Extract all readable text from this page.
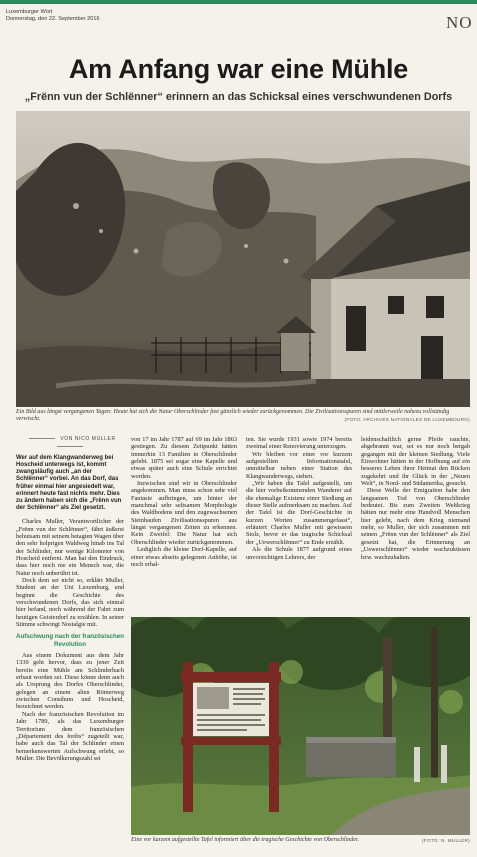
Luxemburger Wort
Donnerstag, den 22. September 2016	NO
Am Anfang war eine Mühle
„Frënn vun der Schlënner“ erinnern an das Schicksal eines verschwundenen Dorfs
Ein Bild aus längst vergangenen Tagen: Heute hat sich die Natur Oberschlinder fast gänzlich wieder zurückgenommen. Die Zivilisationsspuren sind mittlerweile nahezu vollständig verwischt.	(FOTO: ARCHIVES NATIONALES DE LUXEMBOURG)
VON NICO MULLER
Wer auf dem Klangwanderweg bei Hoscheid unterwegs ist, kommt zwangsläufig auch „an der Schlënner“ vorbei. An das Dorf, das früher einmal hier angesiedelt war, erinnert heute fast nichts mehr. Dies zu ändern haben sich die „Frënn vun der Schlënner“ als Ziel gesetzt.

Charles Muller, Verantwortlicher der „Frënn vun der Schlënner“, fährt äußerst behutsam mit seinem betagten Wagen über den sehr holprigen Waldweg hinab ins Tal der Schlinder, nur wenige Kilometer von Hoscheid entfernt. Man hat den Eindruck, dass hier noch nie ein Mensch war, die Natur noch unberührt ist.

Doch dem sei nicht so, erklärt Muller, Student an der Uni Luxemburg, und beginnt die Geschichte des verschwundenen Dorfs, das sich einmal hier befand, noch während der Fahrt zum heutigen Geisterdorf zu erzählen. In seiner Stimme schwingt Nostalgie mit.

Aufschwung nach der französischen Revolution

Aus einem Dokument aus dem Jahr 1330 geht hervor, dass zu jener Zeit bereits eine Mühle am Schlinderbach erbaut worden sei. Diese könne denn auch als Ursprung des Dorfes Oberschlinder, gelegen an einem alten Römerweg zwischen Consthum und Hoscheid, bezeichnet werden.

Nach der französischen Revolution im Jahr 1789, als das Luxemburger Territorium dem französischen „Département des forêts“ zugeteilt war, habe auch das Tal der Schlinder einen bemerkenswerten Aufschwung erlebt, so Muller. Die Bevölkerungszahl sei

von 17 im Jahr 1787 auf 69 im Jahr 1863 gestiegen. Zu diesem Zeitpunkt hätten immerhin 13 Familien in Oberschlinder gelebt. 1875 sei sogar eine Kapelle und etwas später auch eine Schule errichtet worden.

Inzwischen sind wir in Oberschlinder angekommen. Man muss schon sehr viel Fantasie aufbringen, um hinter der manchmal sehr seltsamen Morphologie des Waldbodens und den zugewachsenen Steinhaufen Zivilisationsspuren aus längst vergangenen Zeiten zu erkennen. Kein Zweifel: Die Natur hat sich Oberschlinder wieder zurückgenommen.

Lediglich die kleine Dorf-Kapelle, auf einer etwas abseits gelegenen Anhöhe, ist noch erhal-

ten. Sie wurde 1931 sowie 1974 bereits zweimal einer Renovierung unterzogen.

Wir bleiben vor einer vor kurzem aufgestellten Informationstafel, unmittelbar neben einer Station des Klangwanderwegs, stehen.

„Wir haben die Tafel aufgestellt, um die hier vorbeikommenden Wanderer auf die ehemalige Existenz einer Siedlung an dieser Stelle aufmerksam zu machen. Auf der Tafel ist die Dorf-Geschichte in kurzen Worten zusammengefasst“, erläutert Charles Muller mit gewissem Stolz, bevor er das tragische Schicksal der „Uewerschlënner“ zu Ende erzählt.

Als die Schule 1877 aufgrund eines unvorsichtigen Lehrers, der

leidenschaftlich gerne Pfeife rauchte, abgebrannt war, sei es nur noch bergab gegangen mit der kleinen Siedlung. Viele Einwohner hätten in der Hoffnung auf ein besseres Leben ihrer Heimat den Rücken zugekehrt und ihr Glück in der „Neuen Welt“, in Nord- und Südamerika, gesucht.

Diese Welle der Emigration habe den langsamen Tod von Oberschlinder bedeutet. Bis zum Zweiten Weltkrieg hätten nur mehr eine Handvoll Menschen hier gelebt, nach dem Krieg niemand mehr, so Muller, der sich zusammen mit seinen „Frënn vun der Schlënner“ als Ziel gesetzt hat, die Erinnerung an „Uewerschlënner“ wieder wachzuküssen bzw. wachzuhalten.

Eine vor kurzem aufgestellte Tafel informiert über die tragische Geschichte von Oberschlinder.	(FOTO: N. MULLER)
